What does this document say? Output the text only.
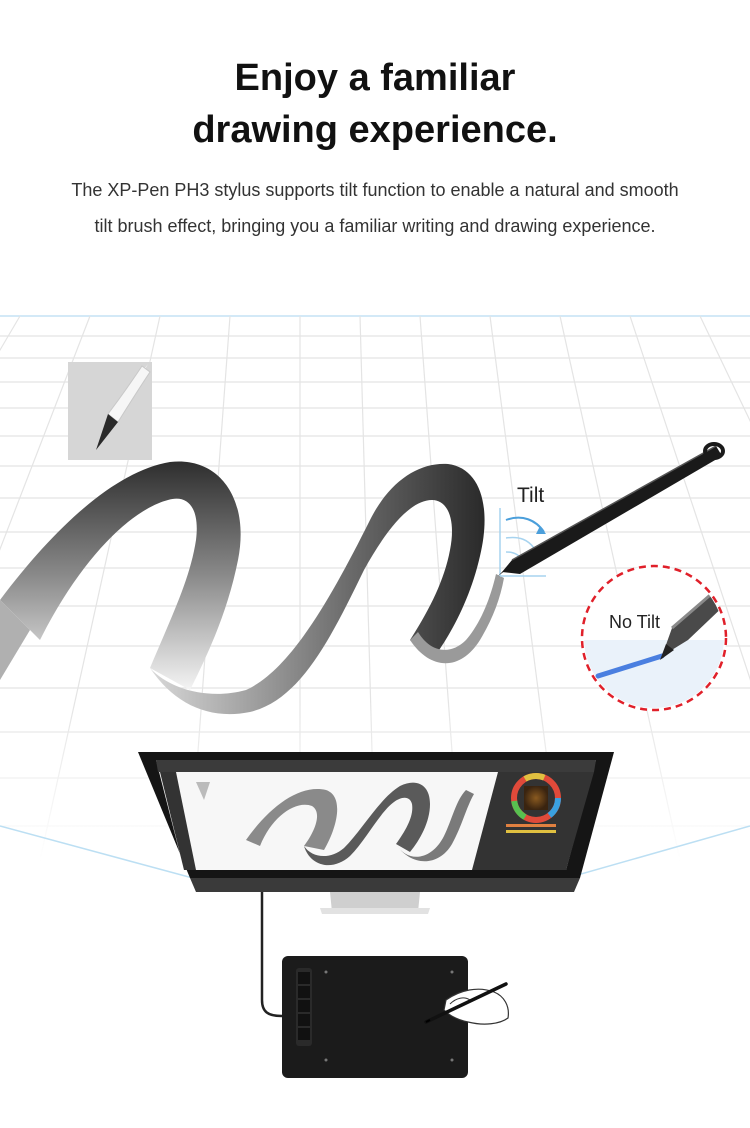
Enjoy a familiar
drawing experience.
The XP-Pen PH3 stylus supports tilt function to enable a natural and smooth
tilt brush effect, bringing you a familiar writing and drawing experience.
Tilt
No Tilt
